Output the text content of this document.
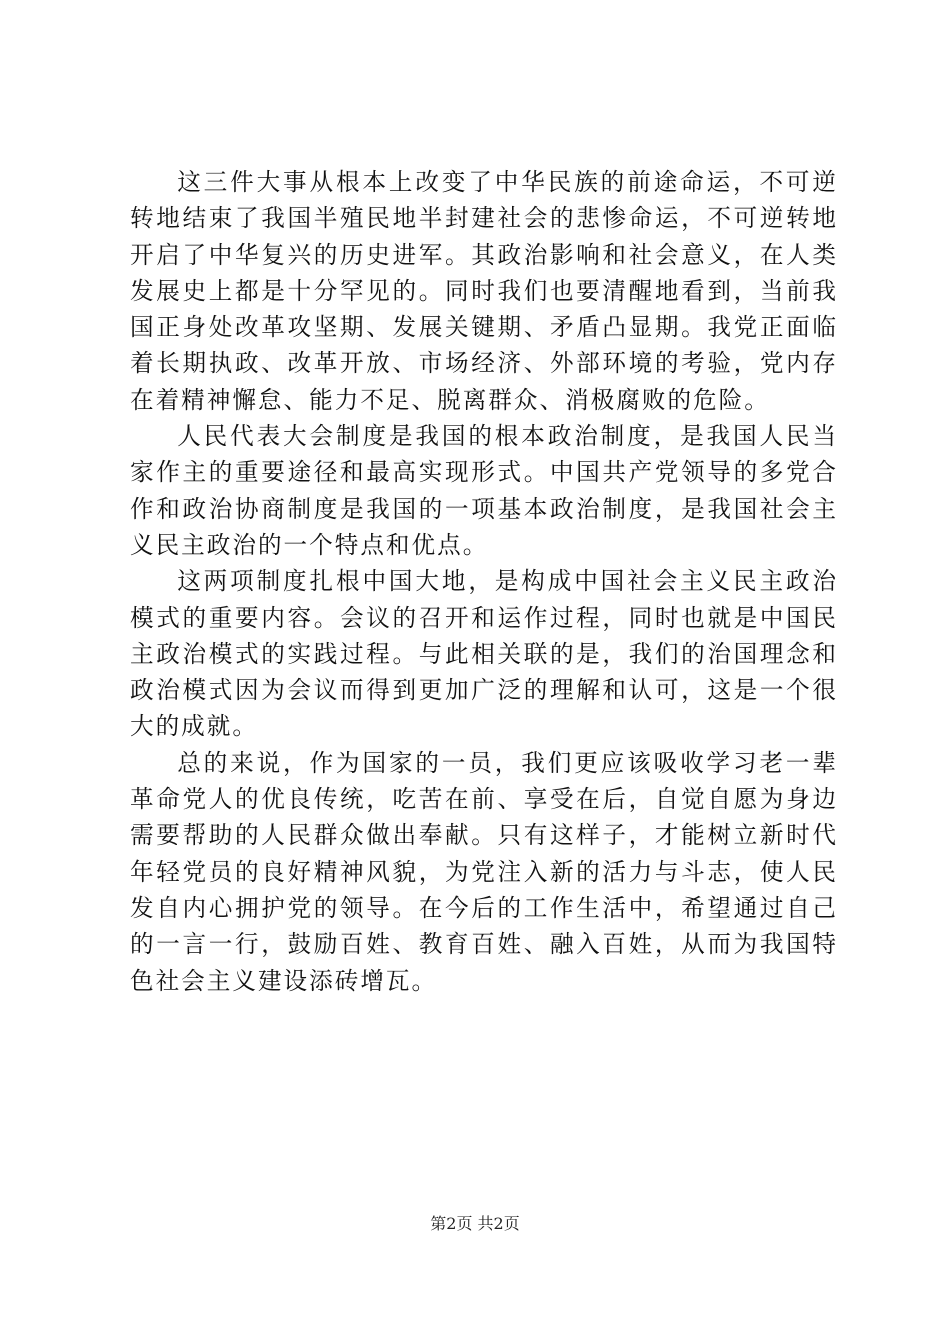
这三件大事从根本上改变了中华民族的前途命运，不可逆转地结束了我国半殖民地半封建社会的悲惨命运，不可逆转地开启了中华复兴的历史进军。其政治影响和社会意义，在人类发展史上都是十分罕见的。同时我们也要清醒地看到，当前我国正身处改革攻坚期、发展关键期、矛盾凸显期。我党正面临着长期执政、改革开放、市场经济、外部环境的考验，党内存在着精神懈怠、能力不足、脱离群众、消极腐败的危险。

人民代表大会制度是我国的根本政治制度，是我国人民当家作主的重要途径和最高实现形式。中国共产党领导的多党合作和政治协商制度是我国的一项基本政治制度，是我国社会主义民主政治的一个特点和优点。

这两项制度扎根中国大地，是构成中国社会主义民主政治模式的重要内容。会议的召开和运作过程，同时也就是中国民主政治模式的实践过程。与此相关联的是，我们的治国理念和政治模式因为会议而得到更加广泛的理解和认可，这是一个很大的成就。

总的来说，作为国家的一员，我们更应该吸收学习老一辈革命党人的优良传统，吃苦在前、享受在后，自觉自愿为身边需要帮助的人民群众做出奉献。只有这样子，才能树立新时代年轻党员的良好精神风貌，为党注入新的活力与斗志，使人民发自内心拥护党的领导。在今后的工作生活中，希望通过自己的一言一行，鼓励百姓、教育百姓、融入百姓，从而为我国特色社会主义建设添砖增瓦。

第2页 共2页
